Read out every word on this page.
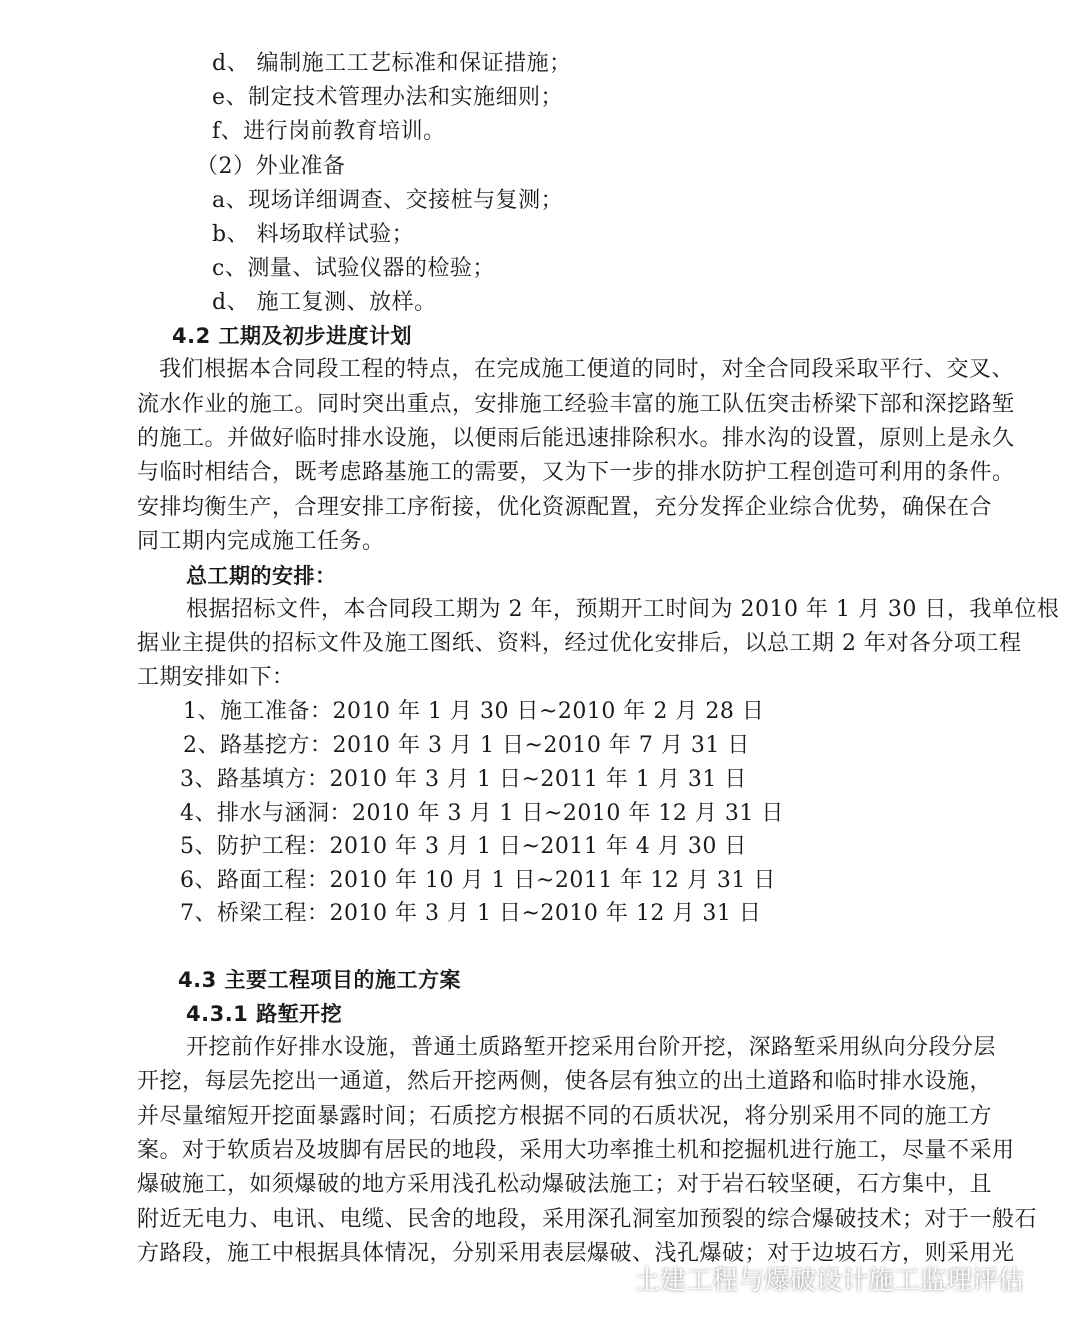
d、 编制施工工艺标准和保证措施；
e、制定技术管理办法和实施细则；
f、进行岗前教育培训。
（2）外业准备
a、现场详细调查、交接桩与复测；
b、 料场取样试验；
c、测量、试验仪器的检验；
d、 施工复测、放样。
4.2 工期及初步进度计划
我们根据本合同段工程的特点，在完成施工便道的同时，对全合同段采取平行、交叉、
流水作业的施工。同时突出重点，安排施工经验丰富的施工队伍突击桥梁下部和深挖路堑
的施工。并做好临时排水设施，以便雨后能迅速排除积水。排水沟的设置，原则上是永久
与临时相结合，既考虑路基施工的需要，又为下一步的排水防护工程创造可利用的条件。
安排均衡生产，合理安排工序衔接，优化资源配置，充分发挥企业综合优势，确保在合
同工期内完成施工任务。
总工期的安排：
根据招标文件，本合同段工期为 2 年，预期开工时间为 2010 年 1 月 30 日，我单位根
据业主提供的招标文件及施工图纸、资料，经过优化安排后，以总工期 2 年对各分项工程
工期安排如下：
1、施工准备：2010 年 1 月 30 日~2010 年 2 月 28 日
2、路基挖方：2010 年 3 月 1 日~2010 年 7 月 31 日
3、路基填方：2010 年 3 月 1 日~2011 年 1 月 31 日
4、排水与涵洞：2010 年 3 月 1 日~2010 年 12 月 31 日
5、防护工程：2010 年 3 月 1 日~2011 年 4 月 30 日
6、路面工程：2010 年 10 月 1 日~2011 年 12 月 31 日
7、桥梁工程：2010 年 3 月 1 日~2010 年 12 月 31 日
4.3 主要工程项目的施工方案
4.3.1 路堑开挖
开挖前作好排水设施，普通土质路堑开挖采用台阶开挖，深路堑采用纵向分段分层
开挖，每层先挖出一通道，然后开挖两侧，使各层有独立的出土道路和临时排水设施，
并尽量缩短开挖面暴露时间；石质挖方根据不同的石质状况，将分别采用不同的施工方
案。对于软质岩及坡脚有居民的地段，采用大功率推土机和挖掘机进行施工，尽量不采用
爆破施工，如须爆破的地方采用浅孔松动爆破法施工；对于岩石较坚硬，石方集中，且
附近无电力、电讯、电缆、民舍的地段，采用深孔洞室加预裂的综合爆破技术；对于一般石
方路段，施工中根据具体情况，分别采用表层爆破、浅孔爆破；对于边坡石方，则采用光
土建工程与爆破设计施工监理评估
